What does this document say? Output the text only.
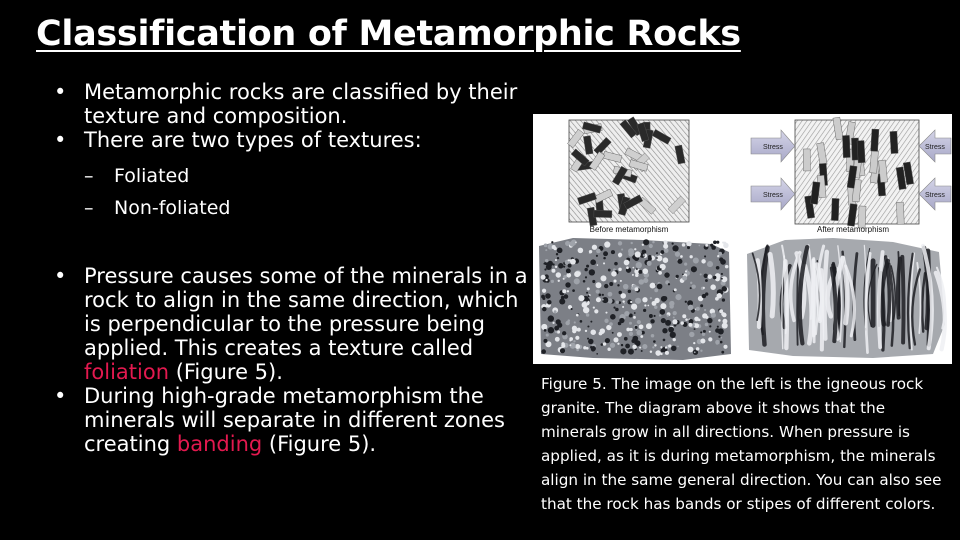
Classification of Metamorphic Rocks
• Metamorphic rocks are classified by their texture and composition.
• There are two types of textures:
– Foliated
– Non-foliated
• Pressure causes some of the minerals in a rock to align in the same direction, which is perpendicular to the pressure being applied. This creates a texture called foliation (Figure 5).
• During high-grade metamorphism the minerals will separate in different zones creating banding (Figure 5).
Before metamorphism	After metamorphism
Stress
Stress
Stress
Stress
Figure 5. The image on the left is the igneous rock granite. The diagram above it shows that the minerals grow in all directions. When pressure is applied, as it is during metamorphism, the minerals align in the same general direction. You can also see that the rock has bands or stipes of different colors.
